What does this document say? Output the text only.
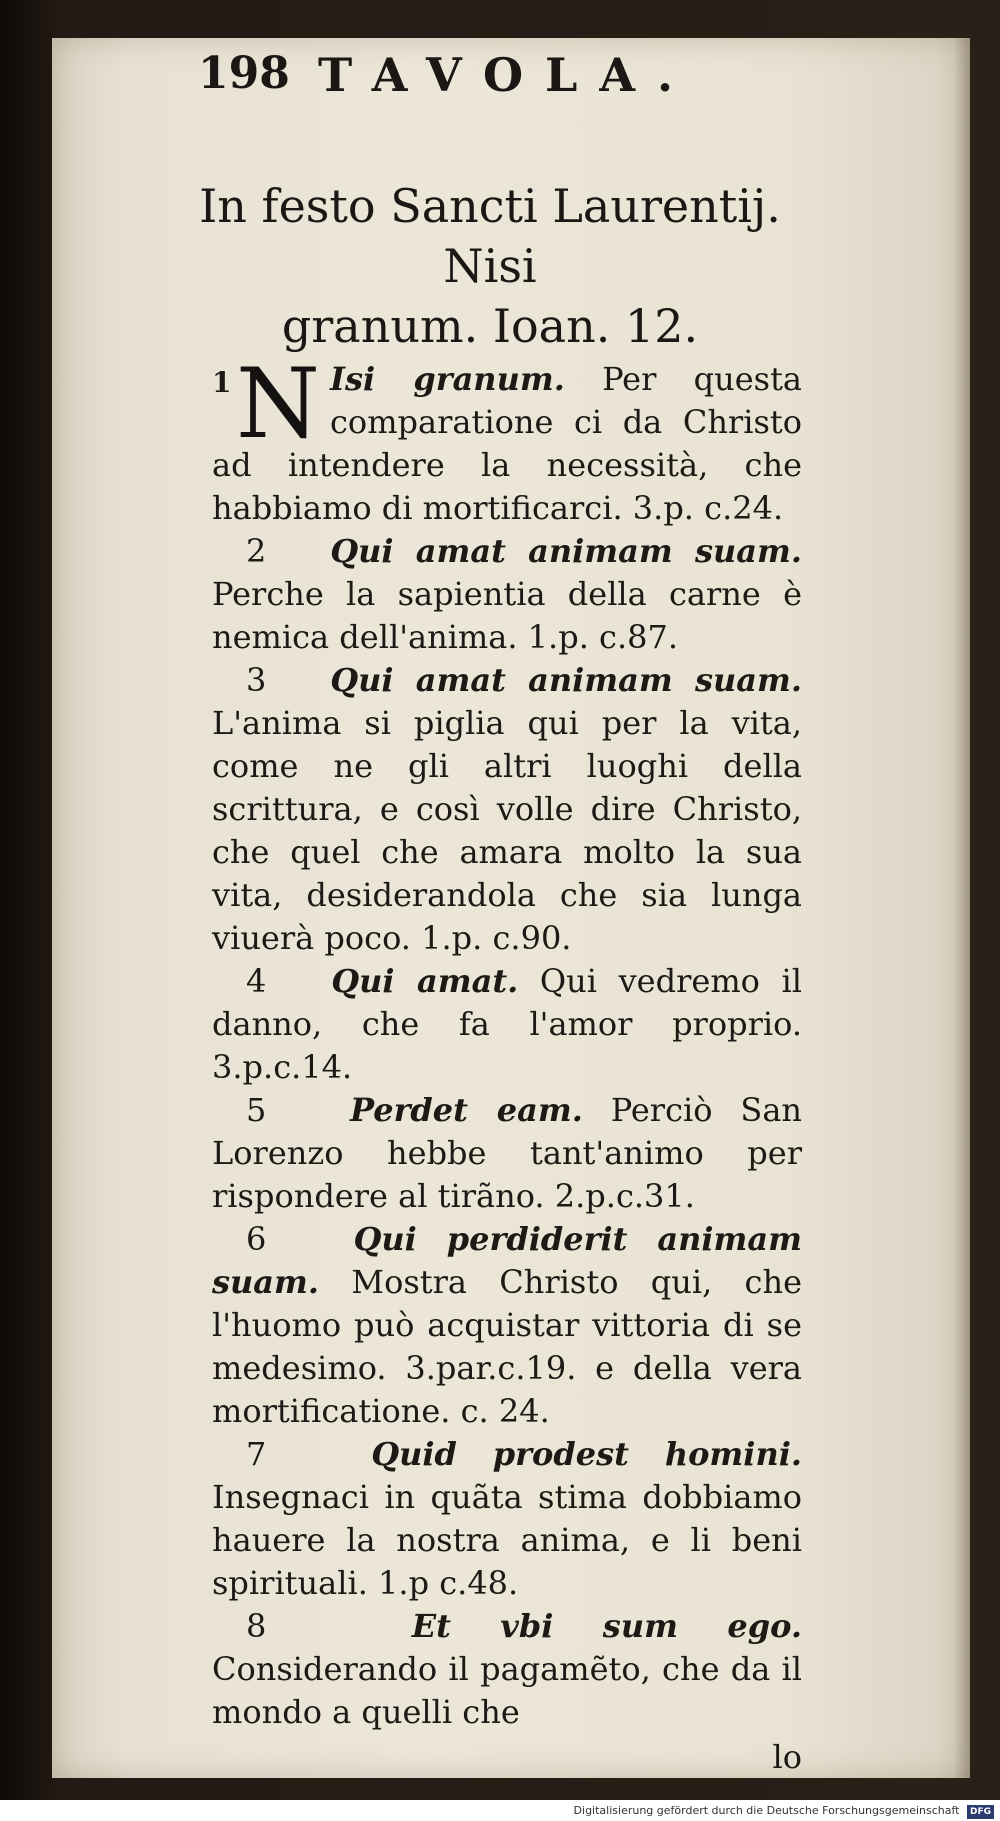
198 TAVOLA.
In festo Sancti Laurentij. Nisi
granum. Ioan. 12.

1 N Isi granum. Per questa comparatione ci da Christo ad intendere la necessità, che habbiamo di mortificarci. 3.p. c.24.

2 Qui amat animam suam. Perche la sapientia della carne è nemica dell'anima. 1.p. c.87.

3 Qui amat animam suam. L'anima si piglia qui per la vita, come ne gli altri luoghi della scrittura, e così volle dire Christo, che quel che amara molto la sua vita, desiderandola che sia lunga viuerà poco. 1.p. c.90.

4 Qui amat. Qui vedremo il danno, che fa l'amor proprio. 3.p.c.14.

5	Perdet eam. Perciò San Lorenzo hebbe tant'animo per rispondere al tirãno. 2.p.c.31.

6	Qui perdiderit animam suam. Mostra Christo qui, che l'huomo può acquistar vittoria di se medesimo. 3.par.c.19. e della vera mortificatione. c. 24.

7	Quid prodest homini. Insegnaci in quãta stima dobbiamo hauere la nostra anima, e li beni spirituali. 1.p c.48.

8	Et vbi sum ego. Considerando il pagamẽto, che da il mondo a quelli che

lo

Digitalisierung gefördert durch die Deutsche Forschungsgemeinschaft DFG
